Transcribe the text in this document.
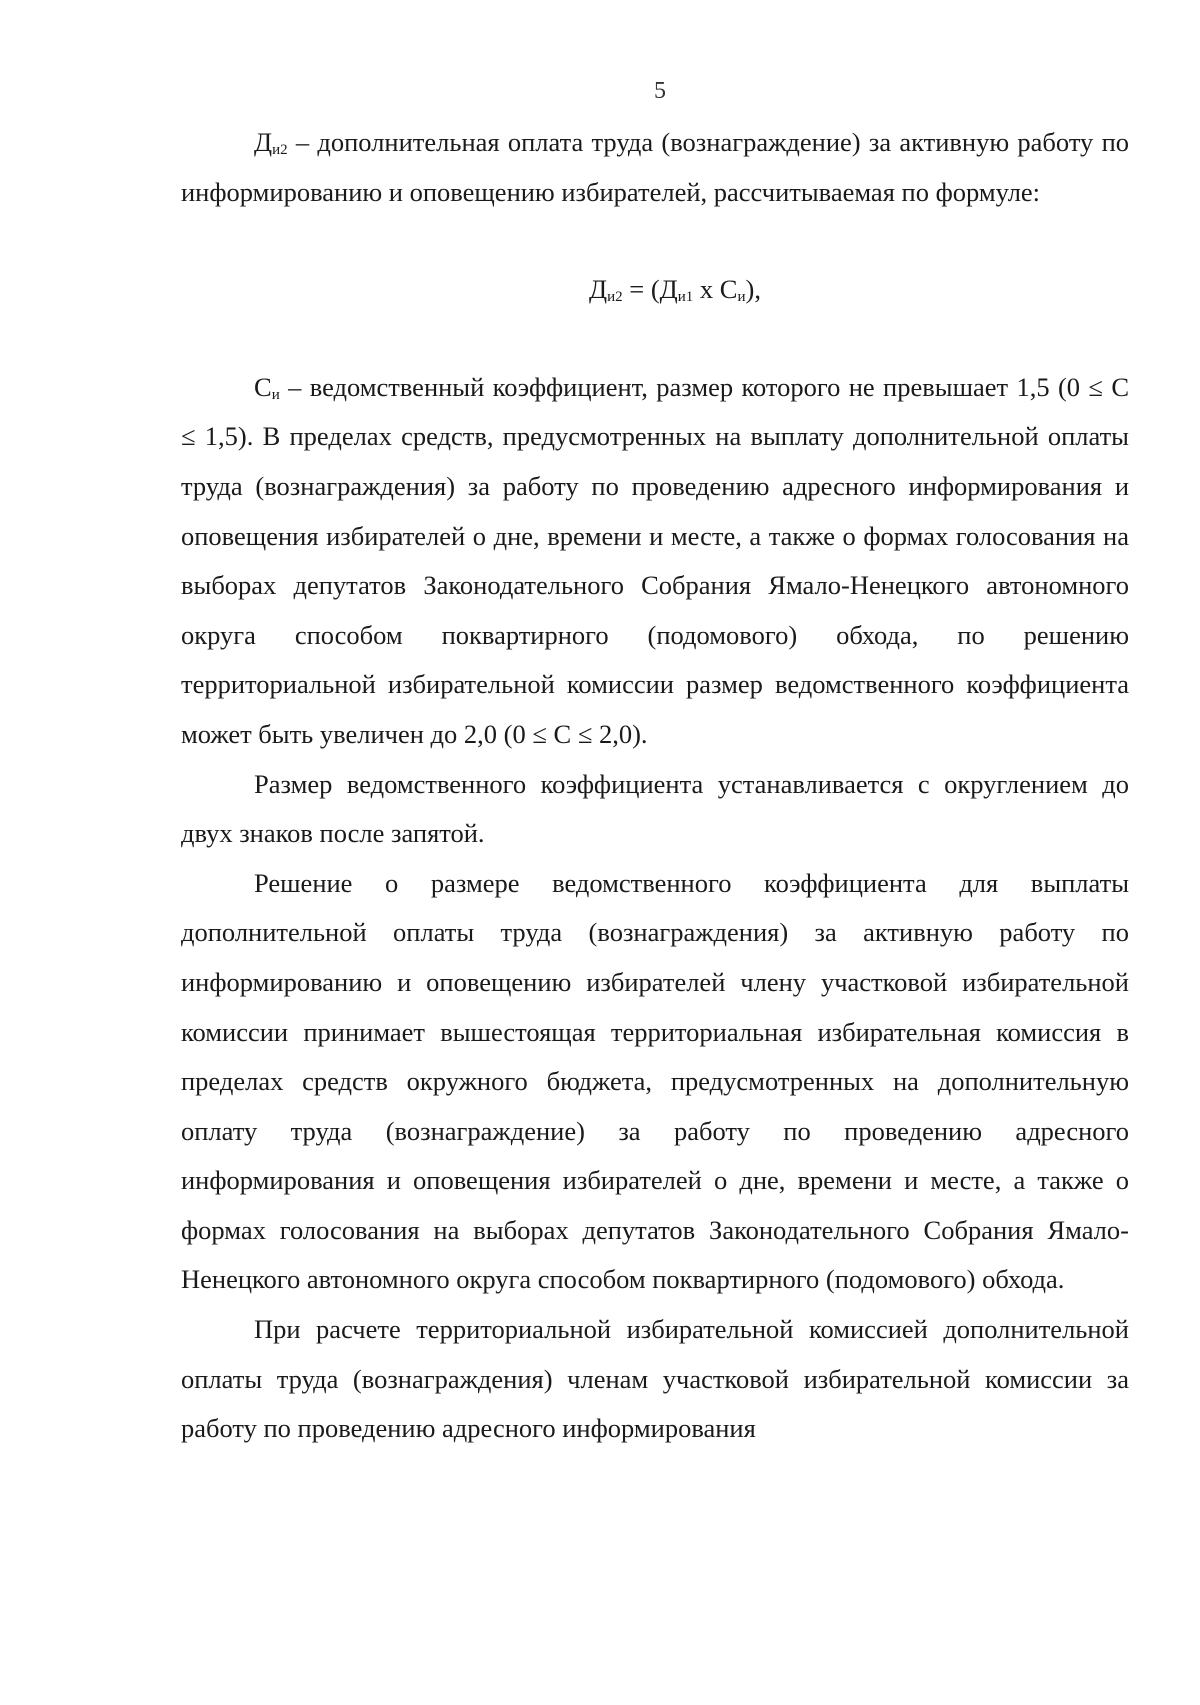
5

$Д_{и2}$ – дополнительная оплата труда (вознаграждение) за активную работу по информированию и оповещению избирателей, рассчитываемая по формуле:

$Д_{и2} = (Д_{и1}$ х $С_и$),

$С_и$ – ведомственный коэффициент, размер которого не превышает 1,5 (0 ≤ С ≤ 1,5). В пределах средств, предусмотренных на выплату дополнительной оплаты труда (вознаграждения) за работу по проведению адресного информирования и оповещения избирателей о дне, времени и месте, а также о формах голосования на выборах депутатов Законодательного Собрания Ямало-Ненецкого автономного округа способом поквартирного (подомового) обхода, по решению территориальной избирательной комиссии размер ведомственного коэффициента может быть увеличен до 2,0 (0 ≤ С ≤ 2,0).

Размер ведомственного коэффициента устанавливается с округлением до двух знаков после запятой.

Решение о размере ведомственного коэффициента для выплаты дополнительной оплаты труда (вознаграждения) за активную работу по информированию и оповещению избирателей члену участковой избирательной комиссии принимает вышестоящая территориальная избирательная комиссия в пределах средств окружного бюджета, предусмотренных на дополнительную оплату труда (вознаграждение) за работу по проведению адресного информирования и оповещения избирателей о дне, времени и месте, а также о формах голосования на выборах депутатов Законодательного Собрания Ямало-Ненецкого автономного округа способом поквартирного (подомового) обхода.

При расчете территориальной избирательной комиссией дополнительной оплаты труда (вознаграждения) членам участковой избирательной комиссии за работу по проведению адресного информирования
